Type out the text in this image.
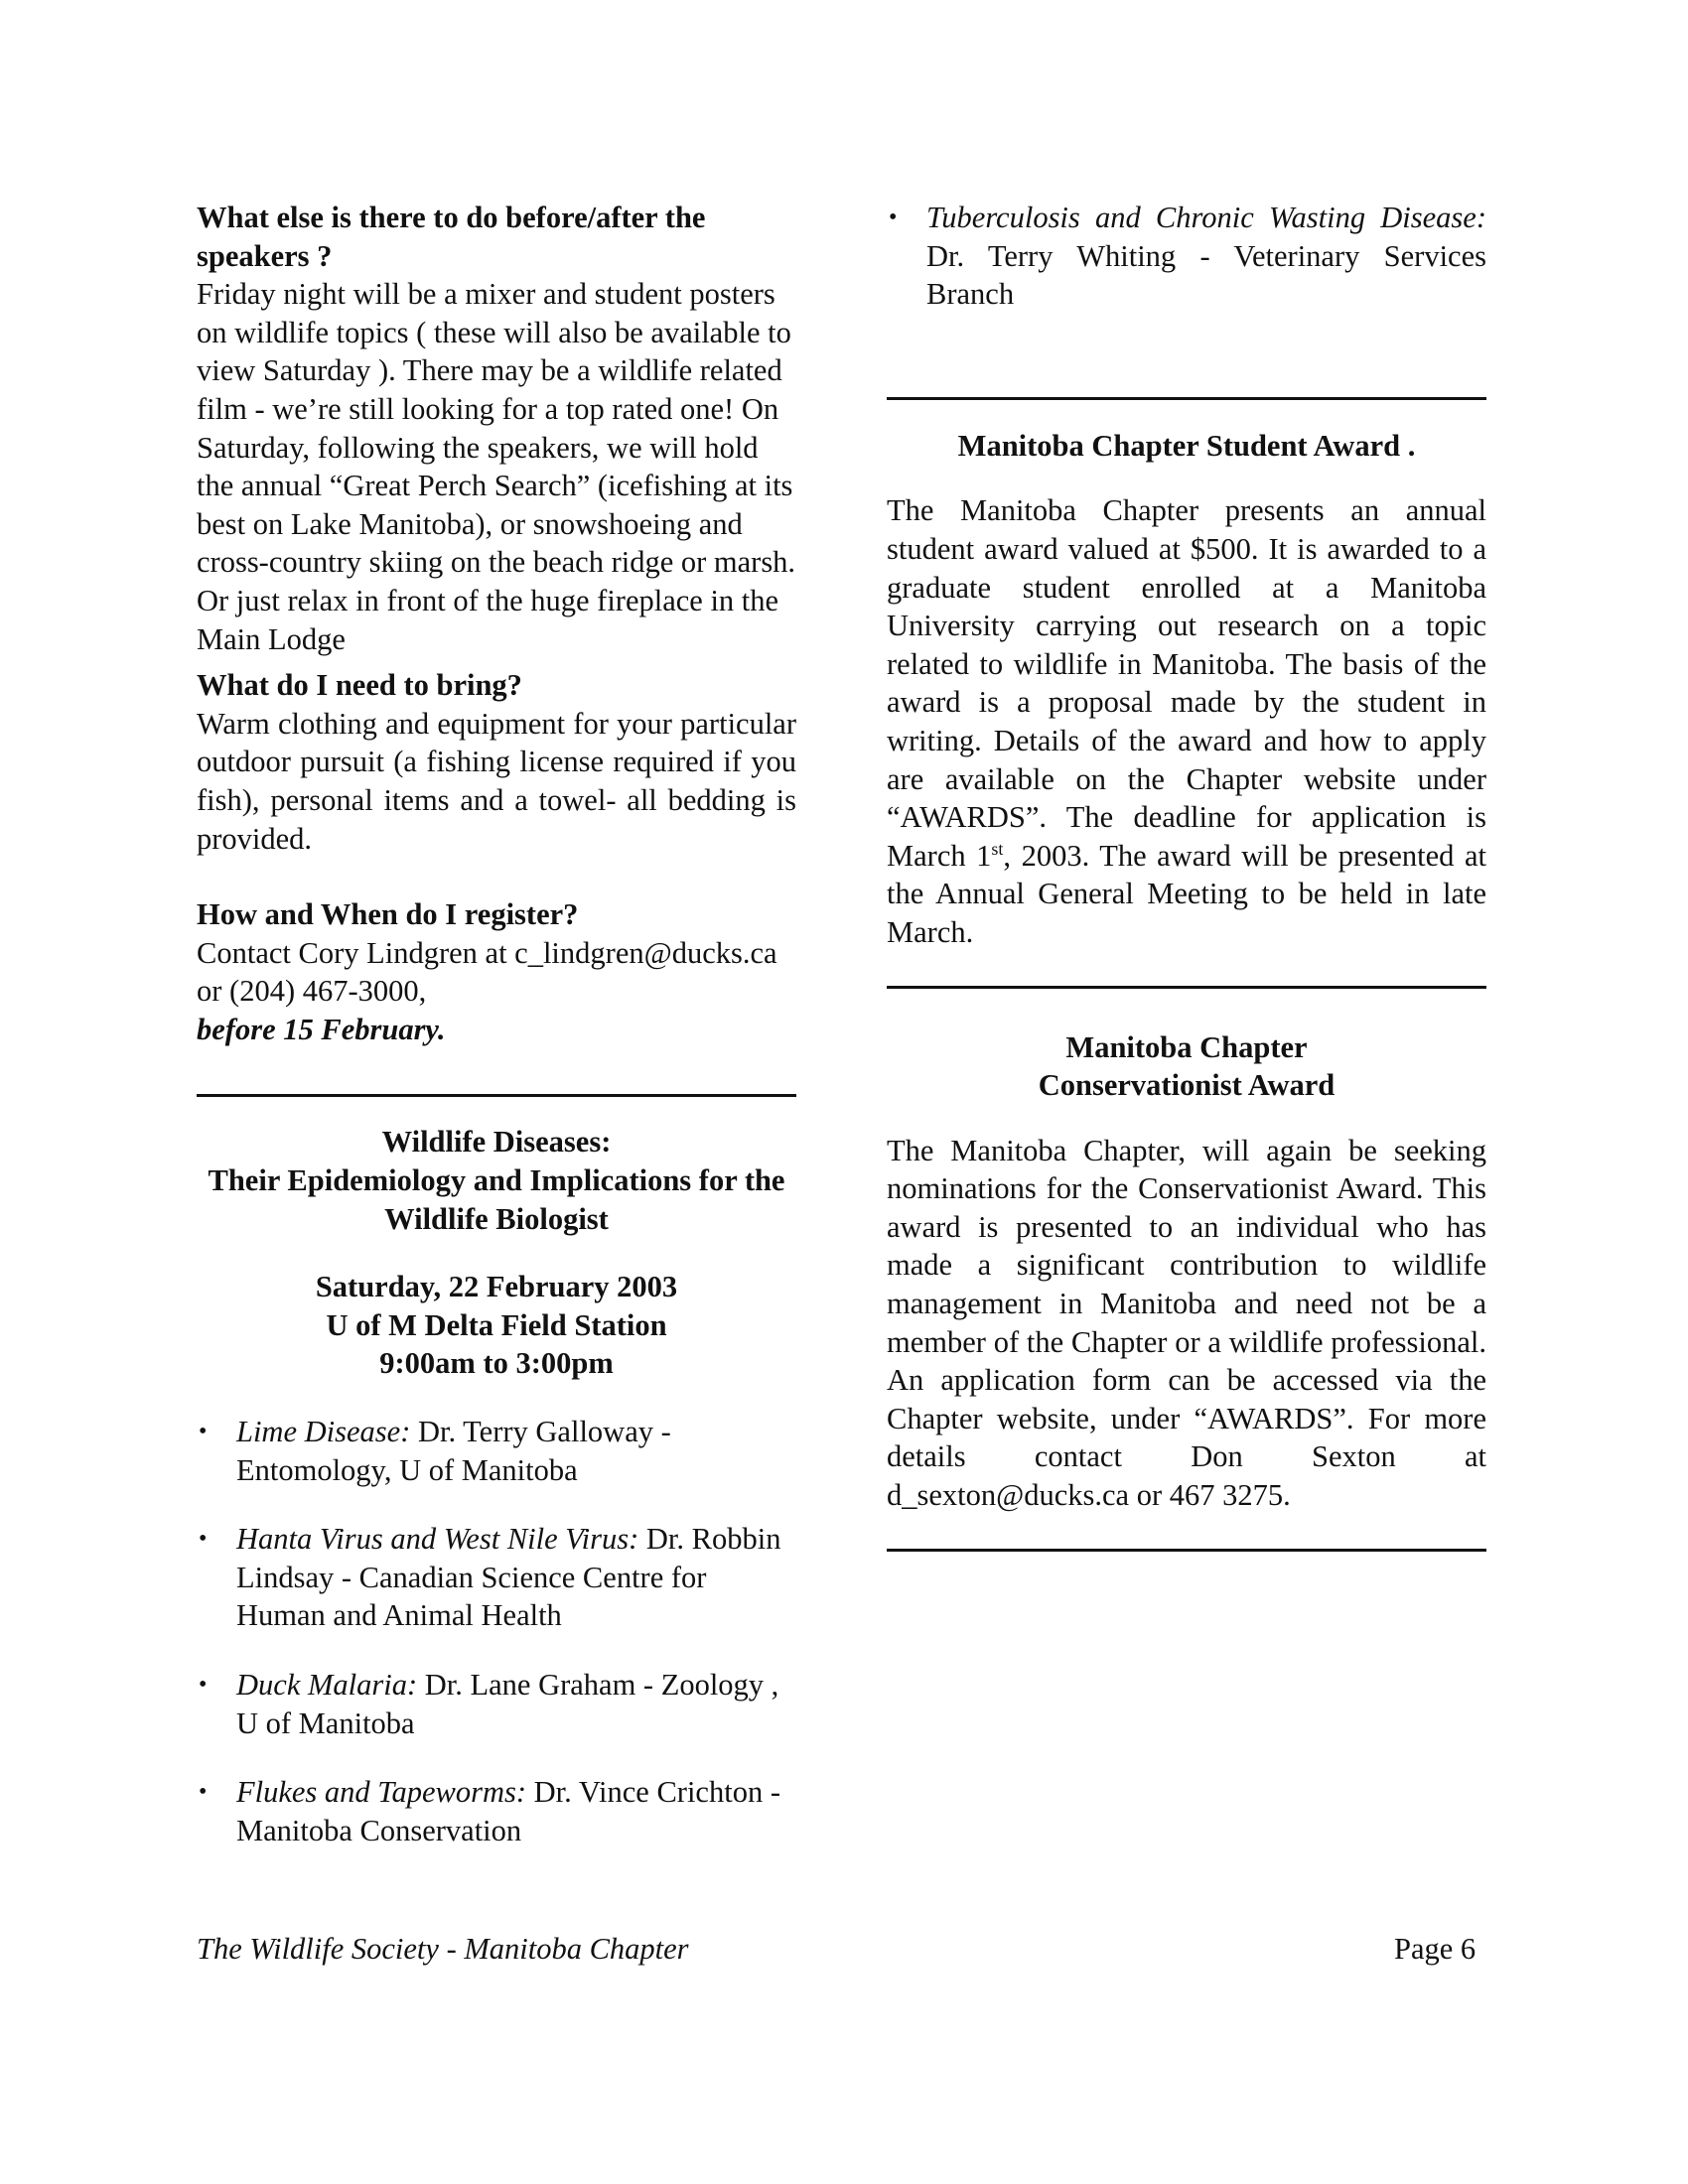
What else is there to do before/after the speakers ?

Friday night will be a mixer and student posters on wildlife topics ( these will also be available to view Saturday ). There may be a wildlife related film - we’re still looking for a top rated one! On Saturday, following the speakers, we will hold the annual “Great Perch Search” (icefishing at its best on Lake Manitoba), or snowshoeing and cross-country skiing on the beach ridge or marsh. Or just relax in front of the huge fireplace in the Main Lodge

What do I need to bring?

Warm clothing and equipment for your particular outdoor pursuit (a fishing license required if you fish), personal items and a towel- all bedding is provided.

How and When do I register?

Contact Cory Lindgren at c_lindgren@ducks.ca or (204) 467-3000,
before 15 February.

Wildlife Diseases:

Their Epidemiology and Implications for the Wildlife Biologist

Saturday, 22 February 2003

U of M Delta Field Station

9:00am to 3:00pm

• Lime Disease: Dr. Terry Galloway - Entomology, U of Manitoba
• Hanta Virus and West Nile Virus: Dr. Robbin Lindsay - Canadian Science Centre for Human and Animal Health
• Duck Malaria: Dr. Lane Graham - Zoology , U of Manitoba
• Flukes and Tapeworms: Dr. Vince Crichton - Manitoba Conservation
• Tuberculosis and Chronic Wasting Disease: Dr. Terry Whiting - Veterinary Services Branch

Manitoba Chapter Student Award .

The Manitoba Chapter presents an annual student award valued at $500. It is awarded to a graduate student enrolled at a Manitoba University carrying out research on a topic related to wildlife in Manitoba. The basis of the award is a proposal made by the student in writing. Details of the award and how to apply are available on the Chapter website under “AWARDS”. The deadline for application is March 1st, 2003. The award will be presented at the Annual General Meeting to be held in late March.

Manitoba Chapter

Conservationist Award

The Manitoba Chapter, will again be seeking nominations for the Conservationist Award. This award is presented to an individual who has made a significant contribution to wildlife management in Manitoba and need not be a member of the Chapter or a wildlife professional. An application form can be accessed via the Chapter website, under “AWARDS”. For more details contact Don Sexton at d_sexton@ducks.ca or 467 3275.

The Wildlife Society - Manitoba Chapter	Page 6
